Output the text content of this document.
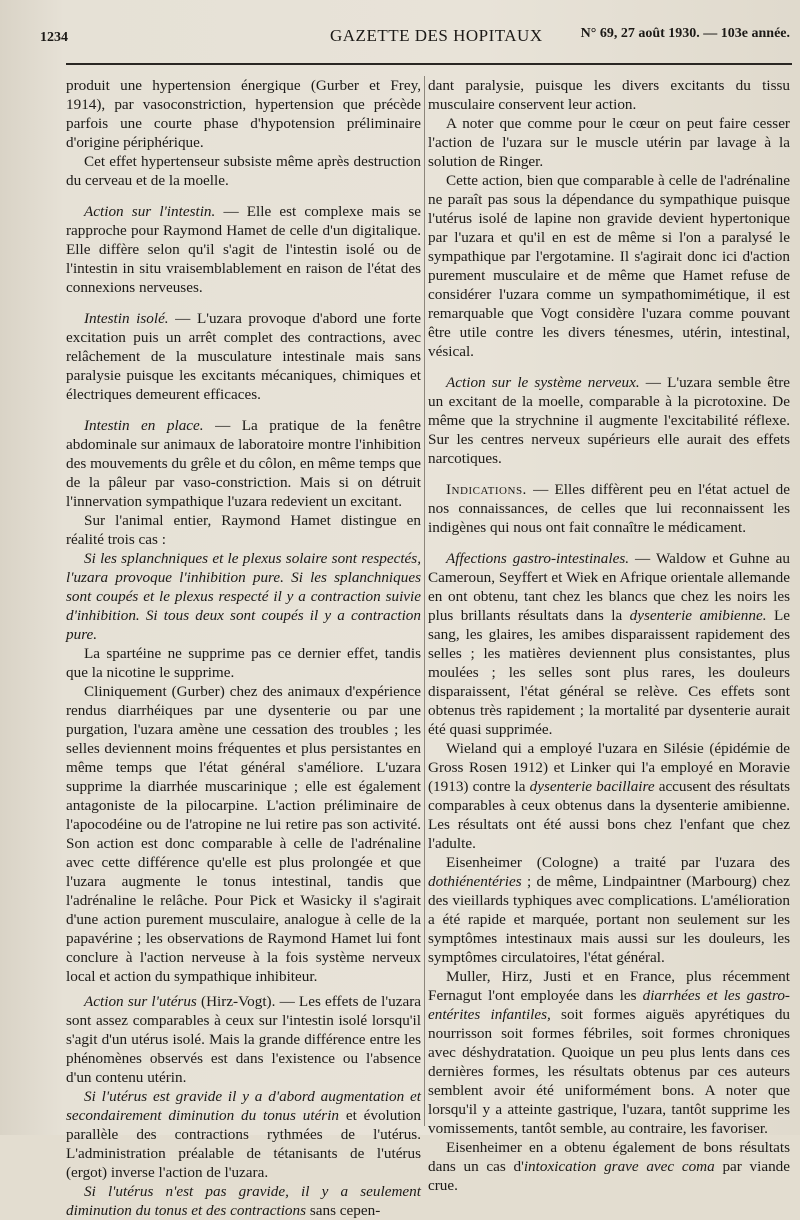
1234	GAZETTE DES HOPITAUX	N° 69, 27 août 1930. — 103e année.

produit une hypertension énergique (Gurber et Frey, 1914), par vasoconstriction, hypertension que précède parfois une courte phase d'hypotension préliminaire d'origine périphérique.

Cet effet hypertenseur subsiste même après destruction du cerveau et de la moelle.

Action sur l'intestin. — Elle est complexe mais se rapproche pour Raymond Hamet de celle d'un digitalique. Elle diffère selon qu'il s'agit de l'intestin isolé ou de l'intestin in situ vraisemblablement en raison de l'état des connexions nerveuses.

Intestin isolé. — L'uzara provoque d'abord une forte excitation puis un arrêt complet des contractions, avec relâchement de la musculature intestinale mais sans paralysie puisque les excitants mécaniques, chimiques et électriques demeurent efficaces.

Intestin en place. — La pratique de la fenêtre abdominale sur animaux de laboratoire montre l'inhibition des mouvements du grêle et du côlon, en même temps que de la pâleur par vaso-constriction. Mais si on détruit l'innervation sympathique l'uzara redevient un excitant.

Sur l'animal entier, Raymond Hamet distingue en réalité trois cas :

Si les splanchniques et le plexus solaire sont respectés, l'uzara provoque l'inhibition pure. Si les splanchniques sont coupés et le plexus respecté il y a contraction suivie d'inhibition. Si tous deux sont coupés il y a contraction pure.

La spartéine ne supprime pas ce dernier effet, tandis que la nicotine le supprime.

Cliniquement (Gurber) chez des animaux d'expérience rendus diarrhéiques par une dysenterie ou par une purgation, l'uzara amène une cessation des troubles ; les selles deviennent moins fréquentes et plus persistantes en même temps que l'état général s'améliore. L'uzara supprime la diarrhée muscarinique ; elle est également antagoniste de la pilocarpine. L'action préliminaire de l'apocodéine ou de l'atropine ne lui retire pas son activité. Son action est donc comparable à celle de l'adrénaline avec cette différence qu'elle est plus prolongée et que l'uzara augmente le tonus intestinal, tandis que l'adrénaline le relâche. Pour Pick et Wasicky il s'agirait d'une action purement musculaire, analogue à celle de la papavérine ; les observations de Raymond Hamet lui font conclure à l'action nerveuse à la fois système nerveux local et action du sympathique inhibiteur.

Action sur l'utérus (Hirz-Vogt). — Les effets de l'uzara sont assez comparables à ceux sur l'intestin isolé lorsqu'il s'agit d'un utérus isolé. Mais la grande différence entre les phénomènes observés est dans l'existence ou l'absence d'un contenu utérin.

Si l'utérus est gravide il y a d'abord augmentation et secondairement diminution du tonus utérin et évolution parallèle des contractions rythmées de l'utérus. L'administration préalable de tétanisants de l'utérus (ergot) inverse l'action de l'uzara.

Si l'utérus n'est pas gravide, il y a seulement diminution du tonus et des contractions sans cepen-

dant paralysie, puisque les divers excitants du tissu musculaire conservent leur action.

A noter que comme pour le cœur on peut faire cesser l'action de l'uzara sur le muscle utérin par lavage à la solution de Ringer.

Cette action, bien que comparable à celle de l'adrénaline ne paraît pas sous la dépendance du sympathique puisque l'utérus isolé de lapine non gravide devient hypertonique par l'uzara et qu'il en est de même si l'on a paralysé le sympathique par l'ergotamine. Il s'agirait donc ici d'action purement musculaire et de même que Hamet refuse de considérer l'uzara comme un sympathomimétique, il est remarquable que Vogt considère l'uzara comme pouvant être utile contre les divers ténesmes, utérin, intestinal, vésical.

Action sur le système nerveux. — L'uzara semble être un excitant de la moelle, comparable à la picrotoxine. De même que la strychnine il augmente l'excitabilité réflexe. Sur les centres nerveux supérieurs elle aurait des effets narcotiques.

Indications. — Elles diffèrent peu en l'état actuel de nos connaissances, de celles que lui reconnaissent les indigènes qui nous ont fait connaître le médicament.

Affections gastro-intestinales. — Waldow et Guhne au Cameroun, Seyffert et Wiek en Afrique orientale allemande en ont obtenu, tant chez les blancs que chez les noirs les plus brillants résultats dans la dysenterie amibienne. Le sang, les glaires, les amibes disparaissent rapidement des selles ; les matières deviennent plus consistantes, plus moulées ; les selles sont plus rares, les douleurs disparaissent, l'état général se relève. Ces effets sont obtenus très rapidement ; la mortalité par dysenterie aurait été quasi supprimée.

Wieland qui a employé l'uzara en Silésie (épidémie de Gross Rosen 1912) et Linker qui l'a employé en Moravie (1913) contre la dysenterie bacillaire accusent des résultats comparables à ceux obtenus dans la dysenterie amibienne. Les résultats ont été aussi bons chez l'enfant que chez l'adulte.

Eisenheimer (Cologne) a traité par l'uzara des dothiénentéries ; de même, Lindpaintner (Marbourg) chez des vieillards typhiques avec complications. L'amélioration a été rapide et marquée, portant non seulement sur les symptômes intestinaux mais aussi sur les douleurs, les symptômes circulatoires, l'état général.

Muller, Hirz, Justi et en France, plus récemment Fernagut l'ont employée dans les diarrhées et les gastro-entérites infantiles, soit formes aiguës apyrétiques du nourrisson soit formes fébriles, soit formes chroniques avec déshydratation. Quoique un peu plus lents dans ces dernières formes, les résultats obtenus par ces auteurs semblent avoir été uniformément bons. A noter que lorsqu'il y a atteinte gastrique, l'uzara, tantôt supprime les vomissements, tantôt semble, au contraire, les favoriser.

Eisenheimer en a obtenu également de bons résultats dans un cas d'intoxication grave avec coma par viande crue.
